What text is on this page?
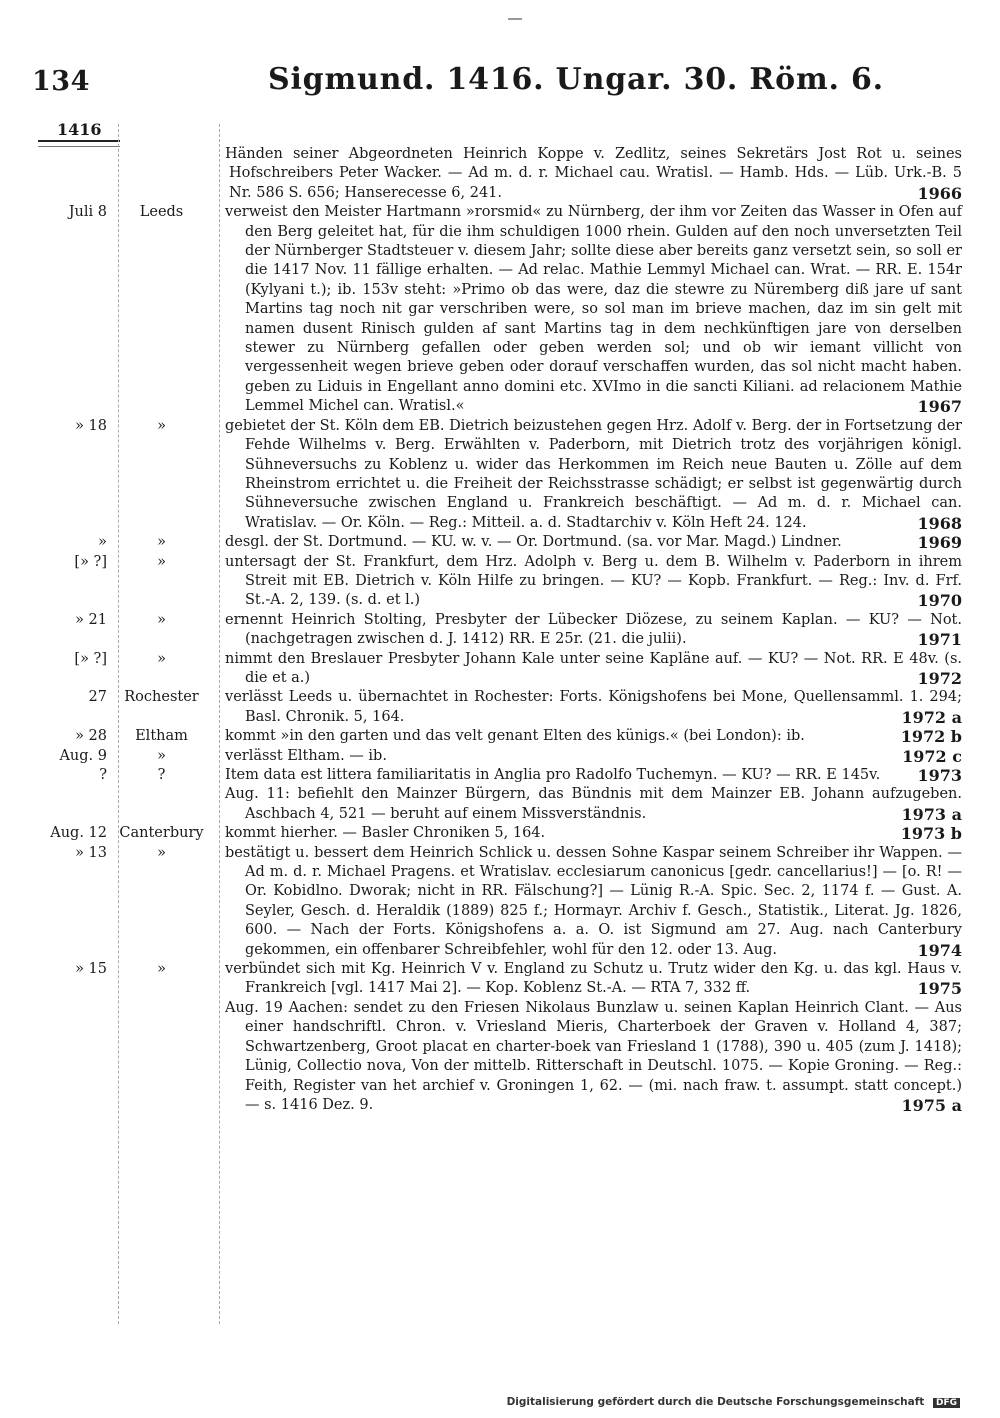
134	Sigmund. 1416. Ungar. 30. Röm. 6.
1416
Händen seiner Abgeordneten Heinrich Koppe v. Zedlitz, seines Sekretärs Jost Rot u. seines Hofschreibers Peter Wacker. — Ad m. d. r. Michael cau. Wratisl. — Hamb. Hds. — Lüb. Urk.-B. 5 Nr. 586 S. 656; Hanserecesse 6, 241.	1966
Juli 8	Leeds	verweist den Meister Hartmann »rorsmid« zu Nürnberg, der ihm vor Zeiten das Wasser in Ofen auf den Berg geleitet hat, für die ihm schuldigen 1000 rhein. Gulden auf den noch unversetzten Teil der Nürnberger Stadtsteuer v. diesem Jahr; sollte diese aber bereits ganz versetzt sein, so soll er die 1417 Nov. 11 fällige erhalten. — Ad relac. Mathie Lemmyl Michael can. Wrat. — RR. E. 154r (Kylyani t.); ib. 153v steht: »Primo ob das were, daz die stewre zu Nüremberg diß jare uf sant Martins tag noch nit gar verschriben were, so sol man im brieve machen, daz im sin gelt mit namen dusent Rinisch gulden af sant Martins tag in dem nechkünftigen jare von derselben stewer zu Nürnberg gefallen oder geben werden sol; und ob wir iemant villicht von vergessenheit wegen brieve geben oder dorauf verschaffen wurden, das sol nicht macht haben. geben zu Liduis in Engellant anno domini etc. XVImo in die sancti Kiliani. ad relacionem Mathie Lemmel Michel can. Wratisl.«	1967
» 18	»	gebietet der St. Köln dem EB. Dietrich beizustehen gegen Hrz. Adolf v. Berg. der in Fortsetzung der Fehde Wilhelms v. Berg. Erwählten v. Paderborn, mit Dietrich trotz des vorjährigen königl. Sühneversuchs zu Koblenz u. wider das Herkommen im Reich neue Bauten u. Zölle auf dem Rheinstrom errichtet u. die Freiheit der Reichsstrasse schädigt; er selbst ist gegenwärtig durch Sühneversuche zwischen England u. Frankreich beschäftigt. — Ad m. d. r. Michael can. Wratislav. — Or. Köln. — Reg.: Mitteil. a. d. Stadtarchiv v. Köln Heft 24. 124.	1968
»	»	desgl. der St. Dortmund. — KU. w. v. — Or. Dortmund. (sa. vor Mar. Magd.) Lindner.	1969
[» ?]	»	untersagt der St. Frankfurt, dem Hrz. Adolph v. Berg u. dem B. Wilhelm v. Paderborn in ihrem Streit mit EB. Dietrich v. Köln Hilfe zu bringen. — KU? — Kopb. Frankfurt. — Reg.: Inv. d. Frf. St.-A. 2, 139. (s. d. et l.)	1970
» 21	»	ernennt Heinrich Stolting, Presbyter der Lübecker Diözese, zu seinem Kaplan. — KU? — Not. (nachgetragen zwischen d. J. 1412) RR. E 25r. (21. die julii).	1971
[» ?]	»	nimmt den Breslauer Presbyter Johann Kale unter seine Kapläne auf. — KU? — Not. RR. E 48v. (s. die et a.)	1972
27	Rochester	verlässt Leeds u. übernachtet in Rochester: Forts. Königshofens bei Mone, Quellensamml. 1. 294; Basl. Chronik. 5, 164.	1972 a
» 28	Eltham	kommt »in den garten und das velt genant Elten des künigs.« (bei London): ib.	1972 b
Aug. 9	»	verlässt Eltham. — ib.	1972 c
?	?	Item data est littera familiaritatis in Anglia pro Radolfo Tuchemyn. — KU? — RR. E 145v. 1973
Aug. 11: befiehlt den Mainzer Bürgern, das Bündnis mit dem Mainzer EB. Johann aufzugeben. Aschbach 4, 521 — beruht auf einem Missverständnis.	1973 a
Aug. 12 Canterbury	kommt hierher. — Basler Chroniken 5, 164.	1973 b
» 13	»	bestätigt u. bessert dem Heinrich Schlick u. dessen Sohne Kaspar seinem Schreiber ihr Wappen. — Ad m. d. r. Michael Pragens. et Wratislav. ecclesiarum canonicus [gedr. cancellarius!] — [o. R! — Or. Kobidlno. Dworak; nicht in RR. Fälschung?] — Lünig R.-A. Spic. Sec. 2, 1174 f. — Gust. A. Seyler, Gesch. d. Heraldik (1889) 825 f.; Hormayr. Archiv f. Gesch., Statistik., Literat. Jg. 1826, 600. — Nach der Forts. Königshofens a. a. O. ist Sigmund am 27. Aug. nach Canterbury gekommen, ein offenbarer Schreibfehler, wohl für den 12. oder 13. Aug.	1974
» 15	»	verbündet sich mit Kg. Heinrich V v. England zu Schutz u. Trutz wider den Kg. u. das kgl. Haus v. Frankreich [vgl. 1417 Mai 2]. — Kop. Koblenz St.-A. — RTA 7, 332 ff.	1975
Aug. 19 Aachen: sendet zu den Friesen Nikolaus Bunzlaw u. seinen Kaplan Heinrich Clant. — Aus einer handschriftl. Chron. v. Vriesland Mieris, Charterboek der Graven v. Holland 4, 387; Schwartzenberg, Groot placat en charter-boek van Friesland 1 (1788), 390 u. 405 (zum J. 1418); Lünig, Collectio nova, Von der mittelb. Ritterschaft in Deutschl. 1075. — Kopie Groning. — Reg.: Feith, Register van het archief v. Groningen 1, 62. — (mi. nach fraw. t. assumpt. statt concept.) — s. 1416 Dez. 9.	1975 a
Digitalisierung gefördert durch die Deutsche Forschungsgemeinschaft DFG
